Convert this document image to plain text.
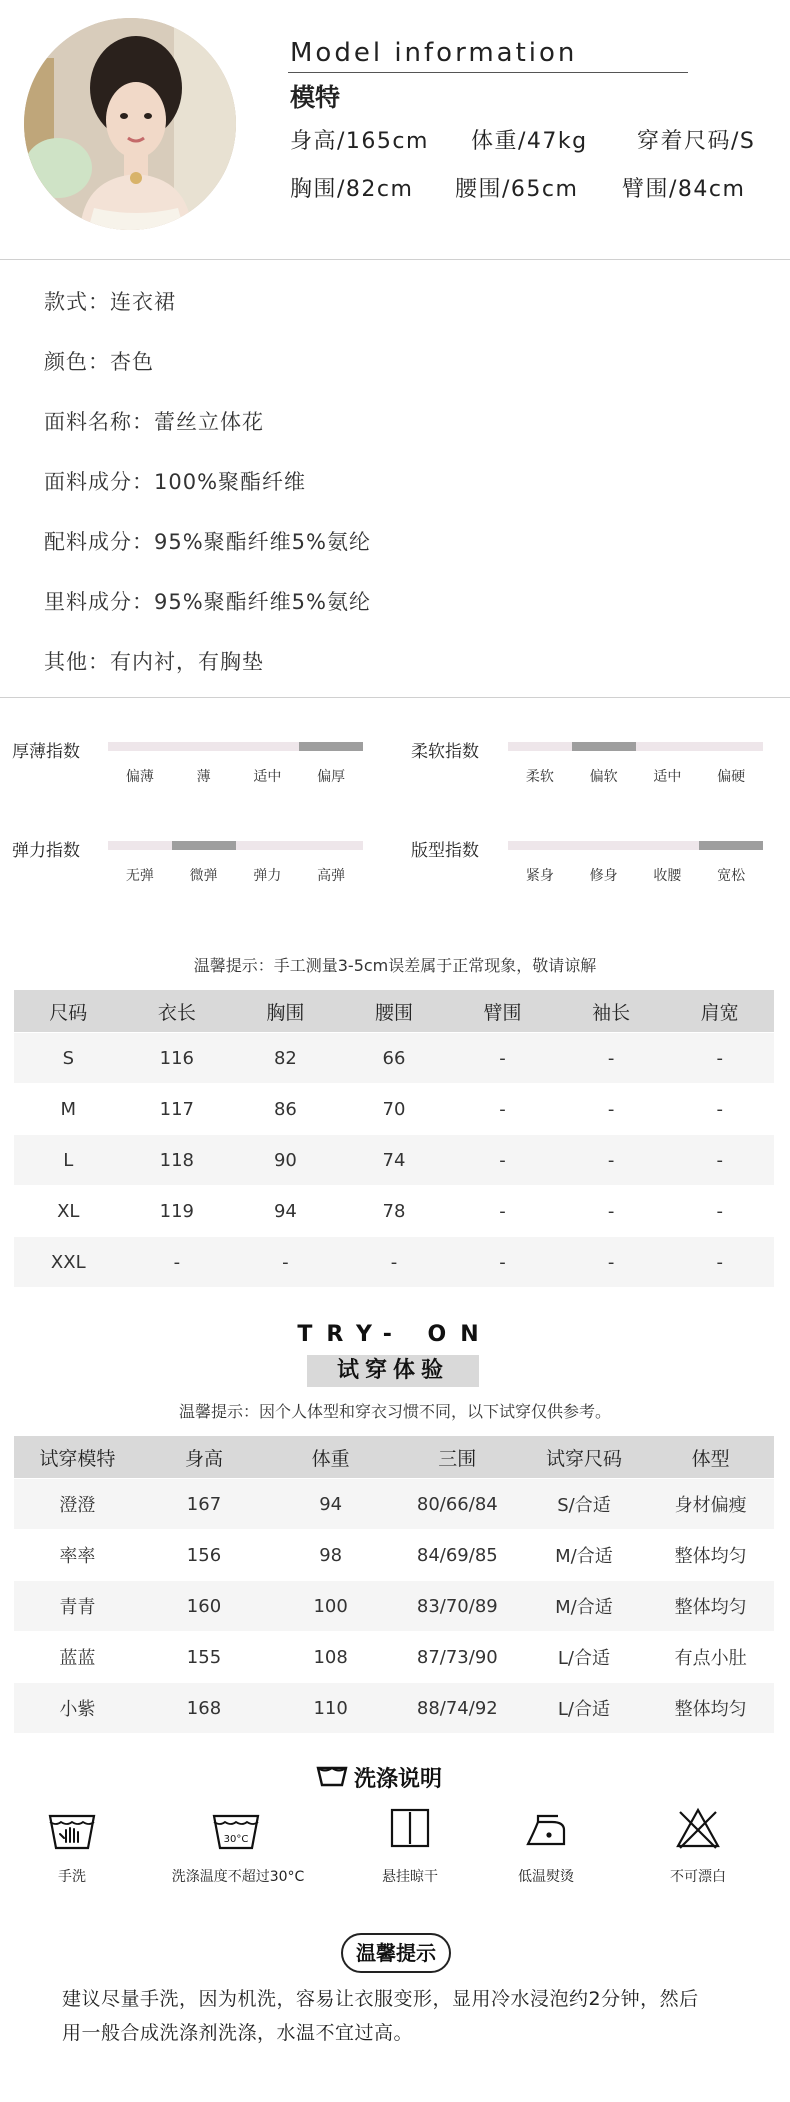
Model information
模特
身高/165cm 体重/47kg 穿着尺码/S
胸围/82cm 腰围/65cm 臂围/84cm
款式：连衣裙
颜色：杏色
面料名称：蕾丝立体花
面料成分：100%聚酯纤维
配料成分：95%聚酯纤维5%氨纶
里料成分：95%聚酯纤维5%氨纶
其他：有内衬，有胸垫
厚薄指数
偏薄	薄	适中	偏厚
柔软指数
柔软	偏软	适中	偏硬
弹力指数
无弹	微弹	弹力	高弹
版型指数
紧身	修身	收腰	宽松
温馨提示：手工测量3-5cm误差属于正常现象，敬请谅解
尺码	衣长	胸围	腰围	臂围	袖长	肩宽
S	116	82	66	-	-	-
M	117	86	70	-	-	-
L	118	90	74	-	-	-
XL	119	94	78	-	-	-
XXL	-	-	-	-	-	-
TRY- ON
试穿体验
温馨提示：因个人体型和穿衣习惯不同，以下试穿仅供参考。
试穿模特	身高	体重	三围	试穿尺码	体型
澄澄	167	94	80/66/84	S/合适	身材偏瘦
率率	156	98	84/69/85	M/合适	整体均匀
青青	160	100	83/70/89	M/合适	整体均匀
蓝蓝	155	108	87/73/90	L/合适	有点小肚
小紫	168	110	88/74/92	L/合适	整体均匀
洗涤说明
30°C
手洗	洗涤温度不超过30°C	悬挂晾干	低温熨烫	不可漂白
温馨提示
建议尽量手洗，因为机洗，容易让衣服变形，显用冷水浸泡约2分钟，然后
用一般合成洗涤剂洗涤，水温不宜过高。
